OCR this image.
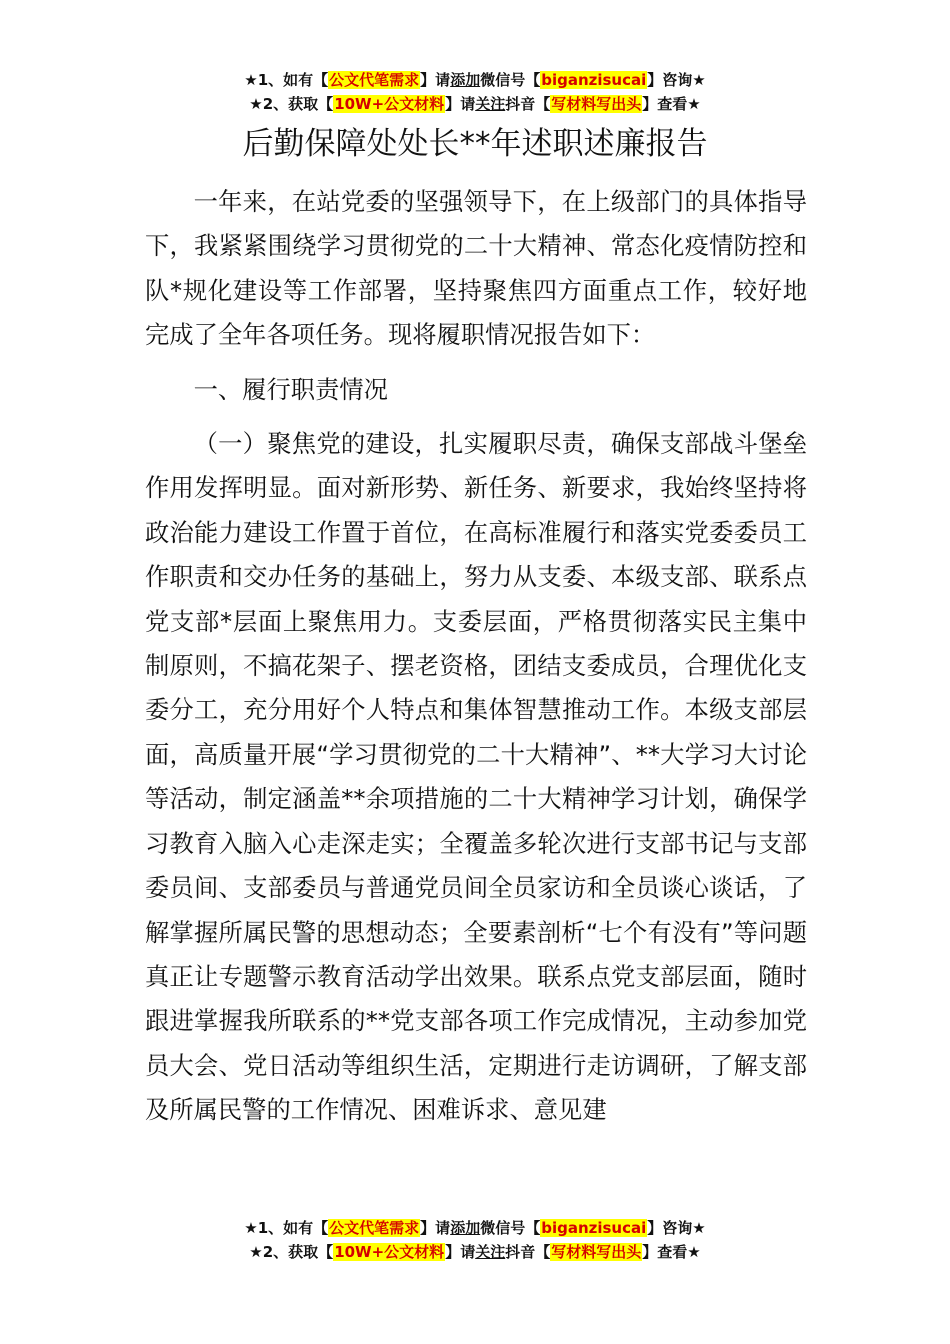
★1、如有【公文代笔需求】请添加微信号【biganzisucai】咨询★
★2、获取【10W+公文材料】请关注抖音【写材料写出头】查看★
后勤保障处处长**年述职述廉报告

一年来，在站党委的坚强领导下，在上级部门的具体指导下，我紧紧围绕学习贯彻党的二十大精神、常态化疫情防控和队*规化建设等工作部署，坚持聚焦四方面重点工作，较好地完成了全年各项任务。现将履职情况报告如下：

一、履行职责情况

（一）聚焦党的建设，扎实履职尽责，确保支部战斗堡垒作用发挥明显。面对新形势、新任务、新要求，我始终坚持将政治能力建设工作置于首位，在高标准履行和落实党委委员工作职责和交办任务的基础上，努力从支委、本级支部、联系点党支部*层面上聚焦用力。支委层面，严格贯彻落实民主集中制原则，不搞花架子、摆老资格，团结支委成员，合理优化支委分工，充分用好个人特点和集体智慧推动工作。本级支部层面，高质量开展“学习贯彻党的二十大精神”、**大学习大讨论等活动，制定涵盖**余项措施的二十大精神学习计划，确保学习教育入脑入心走深走实；全覆盖多轮次进行支部书记与支部委员间、支部委员与普通党员间全员家访和全员谈心谈话，了解掌握所属民警的思想动态；全要素剖析“七个有没有”等问题真正让专题警示教育活动学出效果。联系点党支部层面，随时跟进掌握我所联系的**党支部各项工作完成情况，主动参加党员大会、党日活动等组织生活，定期进行走访调研，了解支部及所属民警的工作情况、困难诉求、意见建

★1、如有【公文代笔需求】请添加微信号【biganzisucai】咨询★
★2、获取【10W+公文材料】请关注抖音【写材料写出头】查看★
